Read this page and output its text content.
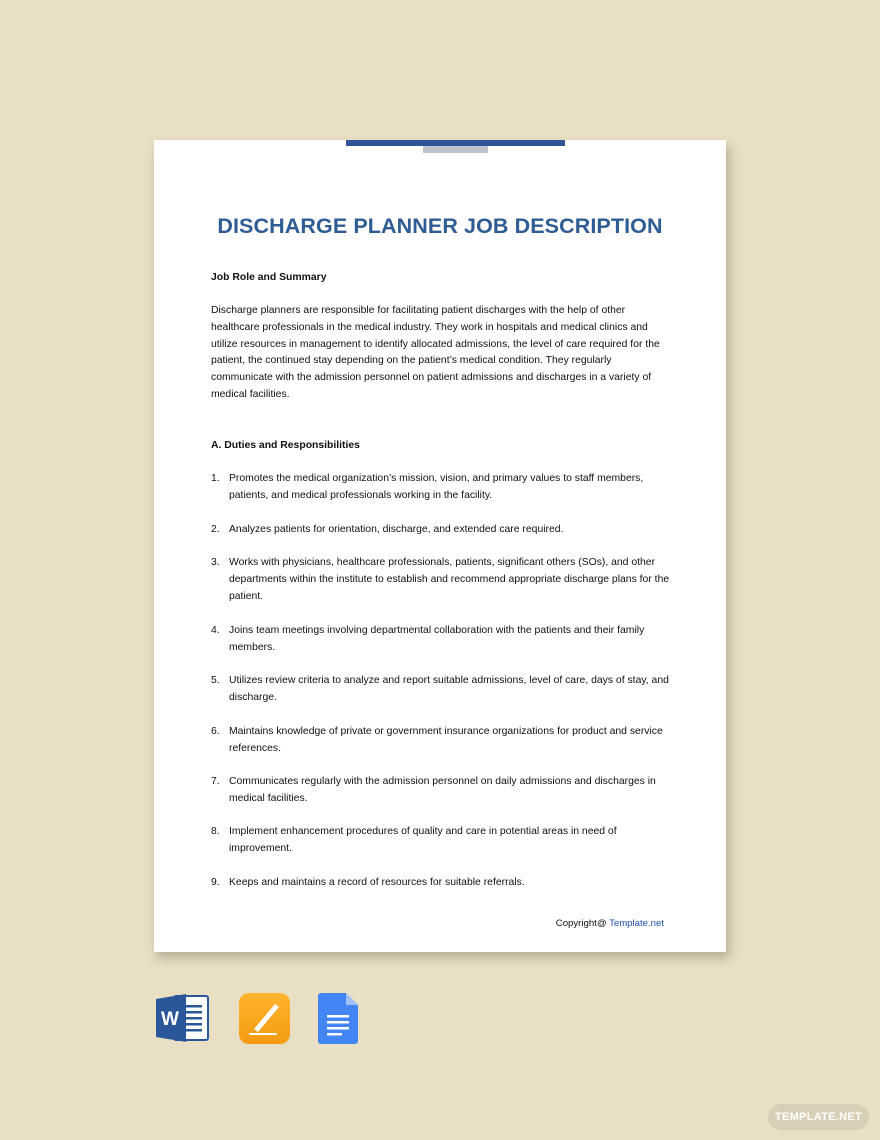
DISCHARGE PLANNER JOB DESCRIPTION
Job Role and Summary

Discharge planners are responsible for facilitating patient discharges with the help of other healthcare professionals in the medical industry. They work in hospitals and medical clinics and utilize resources in management to identify allocated admissions, the level of care required for the patient, the continued stay depending on the patient’s medical condition. They regularly communicate with the admission personnel on patient admissions and discharges in a variety of medical facilities.

A. Duties and Responsibilities
1. Promotes the medical organization’s mission, vision, and primary values to staff members, patients, and medical professionals working in the facility.
2. Analyzes patients for orientation, discharge, and extended care required.
3. Works with physicians, healthcare professionals, patients, significant others (SOs), and other departments within the institute to establish and recommend appropriate discharge plans for the patient.
4. Joins team meetings involving departmental collaboration with the patients and their family members.
5. Utilizes review criteria to analyze and report suitable admissions, level of care, days of stay, and discharge.
6. Maintains knowledge of private or government insurance organizations for product and service references.
7. Communicates regularly with the admission personnel on daily admissions and discharges in medical facilities.
8. Implement enhancement procedures of quality and care in potential areas in need of improvement.
9. Keeps and maintains a record of resources for suitable referrals.
Copyright@ Template.net
W
TEMPLATE.NET
